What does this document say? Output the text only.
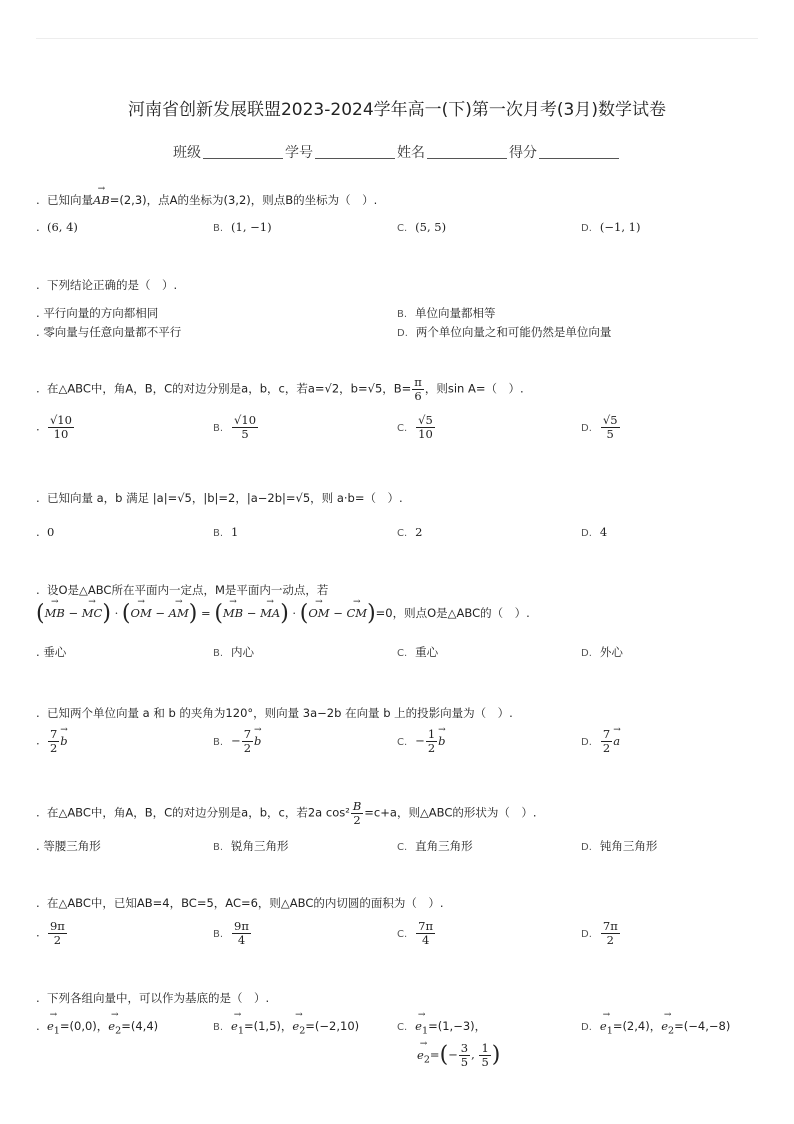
河南省创新发展联盟2023-2024学年高一(下)第一次月考(3月)数学试卷
班级	学号	姓名	得分
.  已知向量→ AB=(2,3)，点A的坐标为(3,2)，则点B的坐标为（　）.
.  (6, 4)	B. (1, −1)	C. (5, 5)	D. (−1, 1)
.  下列结论正确的是（　）.
. 平行向量的方向都相同	B. 单位向量都相等
. 零向量与任意向量都不平行	D. 两个单位向量之和可能仍然是单位向量
.  在△ABC中，角A，B，C的对边分别是a，b，c，若a=√2，b=√5，$B= \frac{\pi}{6}$ ，则sin A=（　）.
. $\frac{√10}{10}$	B. $\frac{√10}{5}$	C. $\frac{√5}{10}$	D. $\frac{√5}{5}$
.  已知向量 a，b 满足 |a|=√5，|b|=2，|a−2b|=√5，则 a·b=（　）.
.  0	B. 1	C. 2	D. 4
.  设O是△ABC所在平面内一定点，M是平面内一动点，若
(→ MB − → MC) · (→ OM − → AM) = (→ MB − → MA) · (→ OM − → CM)=0，则点O是△ABC的（　）.
. 垂心	B. 内心	C. 重心	D. 外心
.  已知两个单位向量 a 和 b 的夹角为120°，则向量 3a−2b 在向量 b 上的投影向量为（　）.
. $\frac{7}{2}$
→ b	B. − $\frac{7}{2}$
→ b	C. − $\frac{1}{2}$
→ b	D. $\frac{7}{2}$
→ a
.  在△ABC中，角A，B，C的对边分别是a，b，c，若2a $\cos^2 \frac{B}{2} =c+a$，则△ABC的形状为（　）.
. 等腰三角形	B. 锐角三角形	C. 直角三角形	D. 钝角三角形
.  在△ABC中，已知AB=4，BC=5，AC=6，则△ABC的内切圆的面积为（　）.
. $\frac{9\pi}{2}$	B. $\frac{9\pi}{4}$	C. $\frac{7\pi}{4}$	D. $\frac{7\pi}{2}$
.  下列各组向量中，可以作为基底的是（　）.
.  → $e_1=(0,0)$，→ $e_2=(4,4)$	$B.\to e_1=(1,5)$，→ $e_2=(-2,10)$	$C.\to e_1=(1,-3)$，
→ $e_2=(- \frac{3}{5}$ , $\frac{1}{5}$ )
$D.\to e_1=(2,4)$，→ $e_2=(-4,-8)$
